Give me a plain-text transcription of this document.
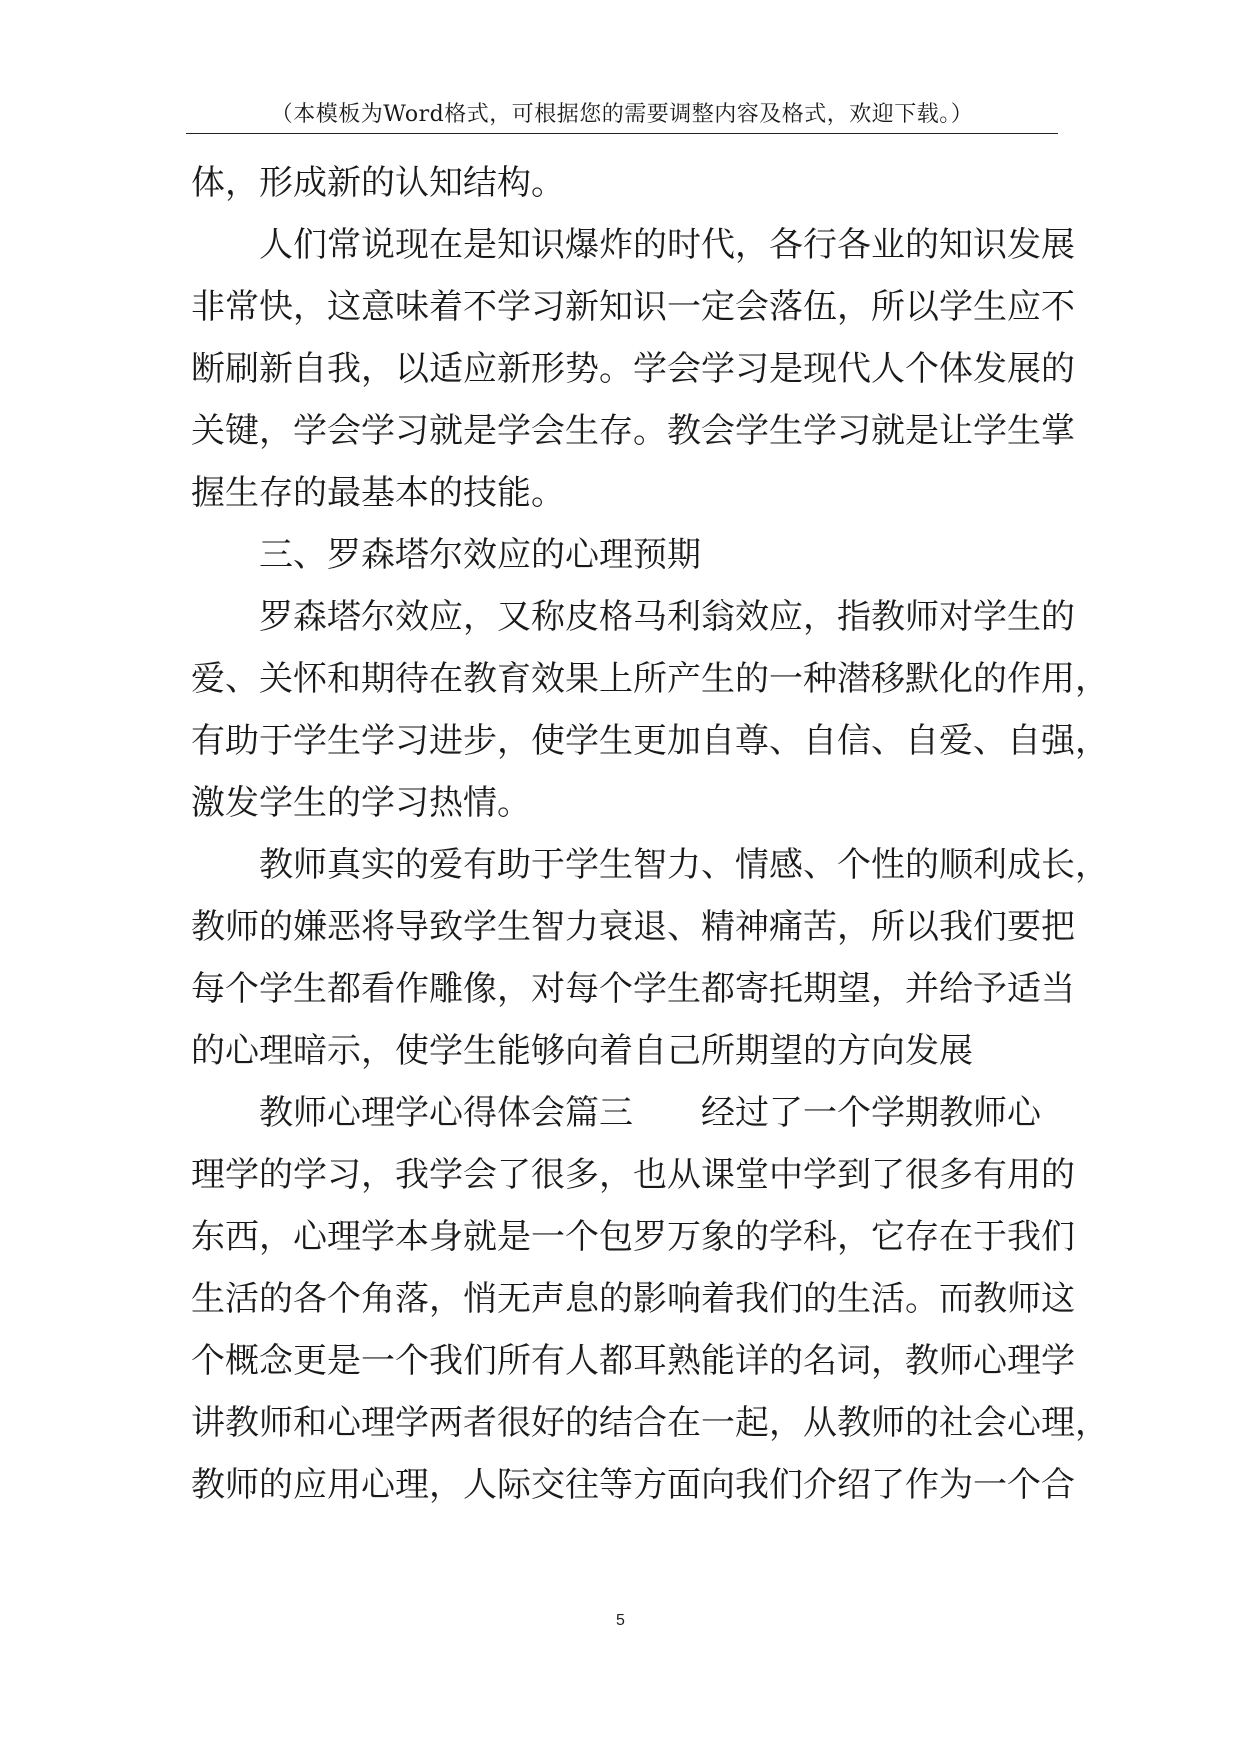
（本模板为Word格式，可根据您的需要调整内容及格式，欢迎下载。）
体，形成新的认知结构。
人们常说现在是知识爆炸的时代，各行各业的知识发展
非常快，这意味着不学习新知识一定会落伍，所以学生应不
断刷新自我，以适应新形势。学会学习是现代人个体发展的
关键，学会学习就是学会生存。教会学生学习就是让学生掌
握生存的最基本的技能。
三、罗森塔尔效应的心理预期
罗森塔尔效应，又称皮格马利翁效应，指教师对学生的
爱、关怀和期待在教育效果上所产生的一种潜移默化的作用，
有助于学生学习进步，使学生更加自尊、自信、自爱、自强，
激发学生的学习热情。
教师真实的爱有助于学生智力、情感、个性的顺利成长，
教师的嫌恶将导致学生智力衰退、精神痛苦，所以我们要把
每个学生都看作雕像，对每个学生都寄托期望，并给予适当
的心理暗示，使学生能够向着自己所期望的方向发展
教师心理学心得体会篇三 经过了一个学期教师心
理学的学习，我学会了很多，也从课堂中学到了很多有用的
东西，心理学本身就是一个包罗万象的学科，它存在于我们
生活的各个角落，悄无声息的影响着我们的生活。而教师这
个概念更是一个我们所有人都耳熟能详的名词，教师心理学
讲教师和心理学两者很好的结合在一起，从教师的社会心理，
教师的应用心理，人际交往等方面向我们介绍了作为一个合
5
